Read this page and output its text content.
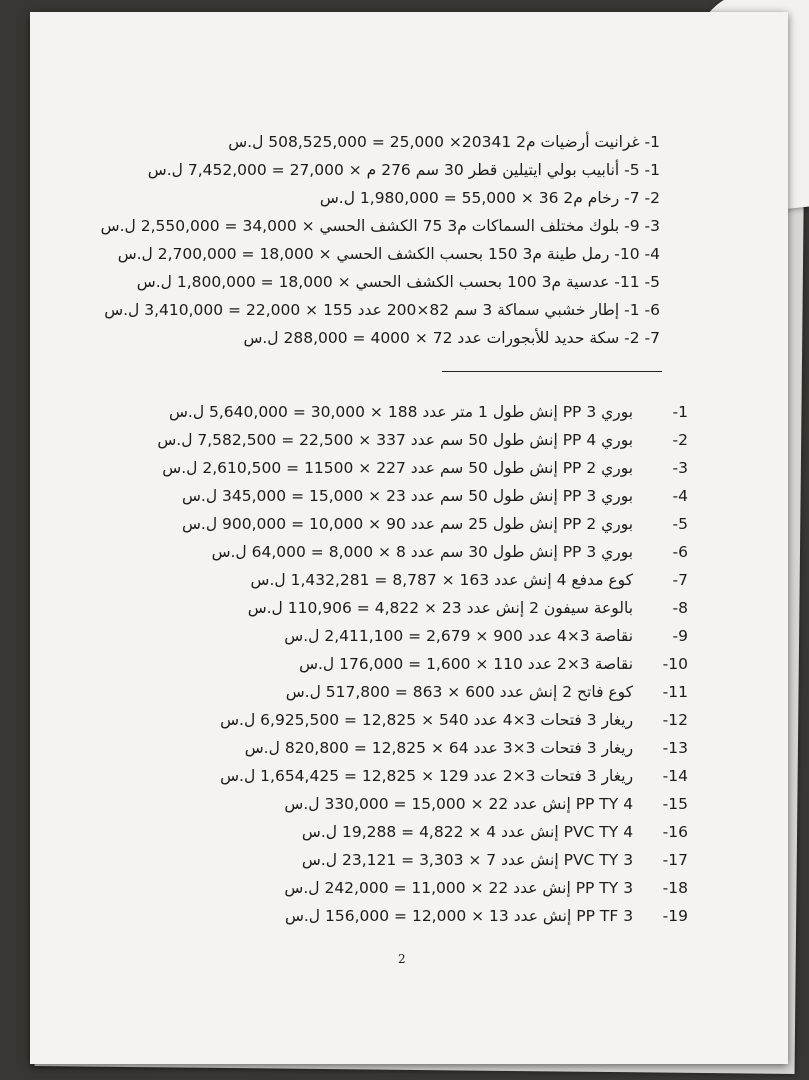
1- غرانيت أرضيات م2 20341× 25,000 = 508,525,000 ل.س
1- 5- أنابيب بولي ايتيلين قطر 30 سم 276 م × 27,000 = 7,452,000 ل.س
2- 7- رخام م2 36 × 55,000 = 1,980,000 ل.س
3- 9- بلوك مختلف السماكات م3 75 الكشف الحسي × 34,000 = 2,550,000 ل.س
4- 10- رمل طينة م3 150 بحسب الكشف الحسي × 18,000 = 2,700,000 ل.س
5- 11- عدسية م3 100 بحسب الكشف الحسي × 18,000 = 1,800,000 ل.س
6- 1- إطار خشبي سماكة 3 سم 82×200 عدد 155 × 22,000 = 3,410,000 ل.س
7- 2- سكة حديد للأبجورات عدد 72 × 4000 = 288,000 ل.س
1- بوري PP 3 إنش طول 1 متر عدد 188 × 30,000 = 5,640,000 ل.س
2- بوري PP 4 إنش طول 50 سم عدد 337 × 22,500 = 7,582,500 ل.س
3- بوري PP 2 إنش طول 50 سم عدد 227 × 11500 = 2,610,500 ل.س
4- بوري PP 3 إنش طول 50 سم عدد 23 × 15,000 = 345,000 ل.س
5- بوري PP 2 إنش طول 25 سم عدد 90 × 10,000 = 900,000 ل.س
6- بوري PP 3 إنش طول 30 سم عدد 8 × 8,000 = 64,000 ل.س
7- كوع مدفع 4 إنش عدد 163 × 8,787 = 1,432,281 ل.س
8- بالوعة سيفون 2 إنش عدد 23 × 4,822 = 110,906 ل.س
9- نقاصة 3×4 عدد 900 × 2,679 = 2,411,100 ل.س
10- نقاصة 3×2 عدد 110 × 1,600 = 176,000 ل.س
11- كوع فاتح 2 إنش عدد 600 × 863 = 517,800 ل.س
12- ريغار 3 فتحات 3×4 عدد 540 × 12,825 = 6,925,500 ل.س
13- ريغار 3 فتحات 3×3 عدد 64 × 12,825 = 820,800 ل.س
14- ريغار 3 فتحات 3×2 عدد 129 × 12,825 = 1,654,425 ل.س
15- 4 PP TY إنش عدد 22 × 15,000 = 330,000 ل.س
16- 4 PVC TY إنش عدد 4 × 4,822 = 19,288 ل.س
17- 3 PVC TY إنش عدد 7 × 3,303 = 23,121 ل.س
18- 3 PP TY إنش عدد 22 × 11,000 = 242,000 ل.س
19- 3 PP TF إنش عدد 13 × 12,000 = 156,000 ل.س
2
